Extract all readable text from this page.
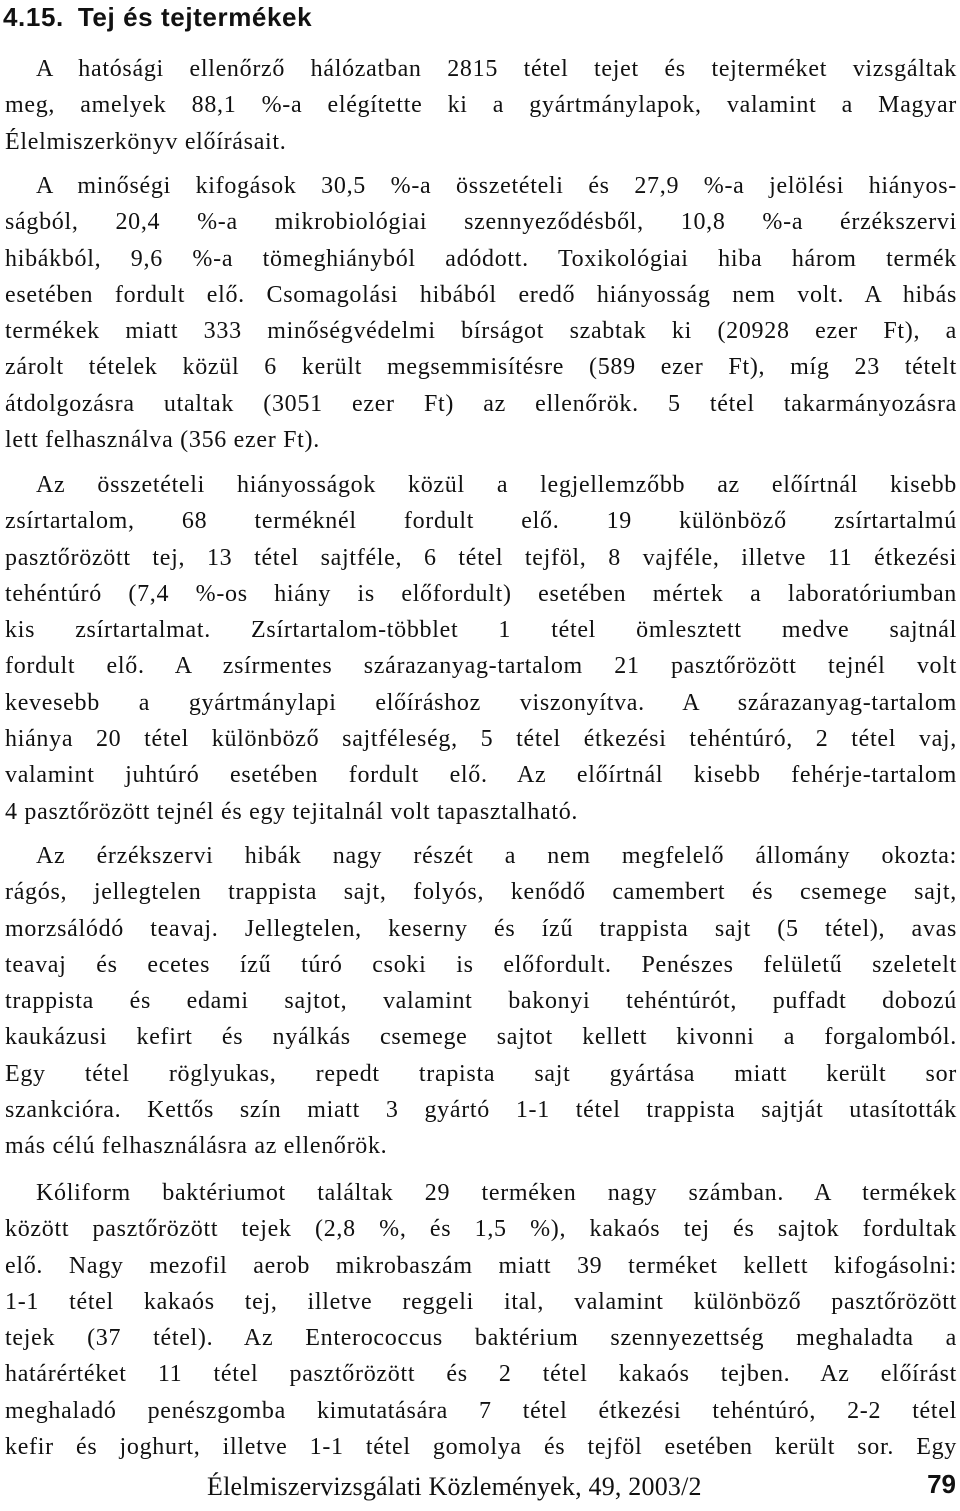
4.15. Tej és tejtermékek
A hatósági ellenőrző hálózatban 2815 tétel tejet és tejterméket vizsgáltak
meg, amelyek 88,1 %-a elégítette ki a gyártmánylapok, valamint a Magyar
Élelmiszerkönyv előírásait.
A minőségi kifogások 30,5 %-a összetételi és 27,9 %-a jelölési hiányos-
ságból, 20,4 %-a mikrobiológiai szennyeződésből, 10,8 %-a érzékszervi
hibákból, 9,6 %-a tömeghiányból adódott. Toxikológiai hiba három termék
esetében fordult elő. Csomagolási hibából eredő hiányosság nem volt. A hibás
termékek miatt 333 minőségvédelmi bírságot szabtak ki (20928 ezer Ft), a
zárolt tételek közül 6 került megsemmisítésre (589 ezer Ft), míg 23 tételt
átdolgozásra utaltak (3051 ezer Ft) az ellenőrök. 5 tétel takarmányozásra
lett felhasználva (356 ezer Ft).
Az összetételi hiányosságok közül a legjellemzőbb az előírtnál kisebb
zsírtartalom, 68 terméknél fordult elő. 19 különböző zsírtartalmú
pasztőrözött tej, 13 tétel sajtféle, 6 tétel tejföl, 8 vajféle, illetve 11 étkezési
tehéntúró (7,4 %-os hiány is előfordult) esetében mértek a laboratóriumban
kis zsírtartalmat. Zsírtartalom-többlet 1 tétel ömlesztett medve sajtnál
fordult elő. A zsírmentes szárazanyag-tartalom 21 pasztőrözött tejnél volt
kevesebb a gyártmánylapi előíráshoz viszonyítva. A szárazanyag-tartalom
hiánya 20 tétel különböző sajtféleség, 5 tétel étkezési tehéntúró, 2 tétel vaj,
valamint juhtúró esetében fordult elő. Az előírtnál kisebb fehérje-tartalom
4 pasztőrözött tejnél és egy tejitalnál volt tapasztalható.
Az érzékszervi hibák nagy részét a nem megfelelő állomány okozta:
rágós, jellegtelen trappista sajt, folyós, kenődő camembert és csemege sajt,
morzsálódó teavaj. Jellegtelen, keserny és ízű trappista sajt (5 tétel), avas
teavaj és ecetes ízű túró csoki is előfordult. Penészes felületű szeletelt
trappista és edami sajtot, valamint bakonyi tehéntúrót, puffadt dobozú
kaukázusi kefirt és nyálkás csemege sajtot kellett kivonni a forgalomból.
Egy tétel röglyukas, repedt trapista sajt gyártása miatt került sor
szankcióra. Kettős szín miatt 3 gyártó 1-1 tétel trappista sajtját utasították
más célú felhasználásra az ellenőrök.
Kóliform baktériumot találtak 29 terméken nagy számban. A termékek
között pasztőrözött tejek (2,8 %, és 1,5 %), kakaós tej és sajtok fordultak
elő. Nagy mezofil aerob mikrobaszám miatt 39 terméket kellett kifogásolni:
1-1 tétel kakaós tej, illetve reggeli ital, valamint különböző pasztőrözött
tejek (37 tétel). Az Enterococcus baktérium szennyezettség meghaladta a
határértéket 11 tétel pasztőrözött és 2 tétel kakaós tejben. Az előírást
meghaladó penészgomba kimutatására 7 tétel étkezési tehéntúró, 2-2 tétel
kefir és joghurt, illetve 1-1 tétel gomolya és tejföl esetében került sor. Egy
Élelmiszervizsgálati Közlemények, 49, 2003/2	79
